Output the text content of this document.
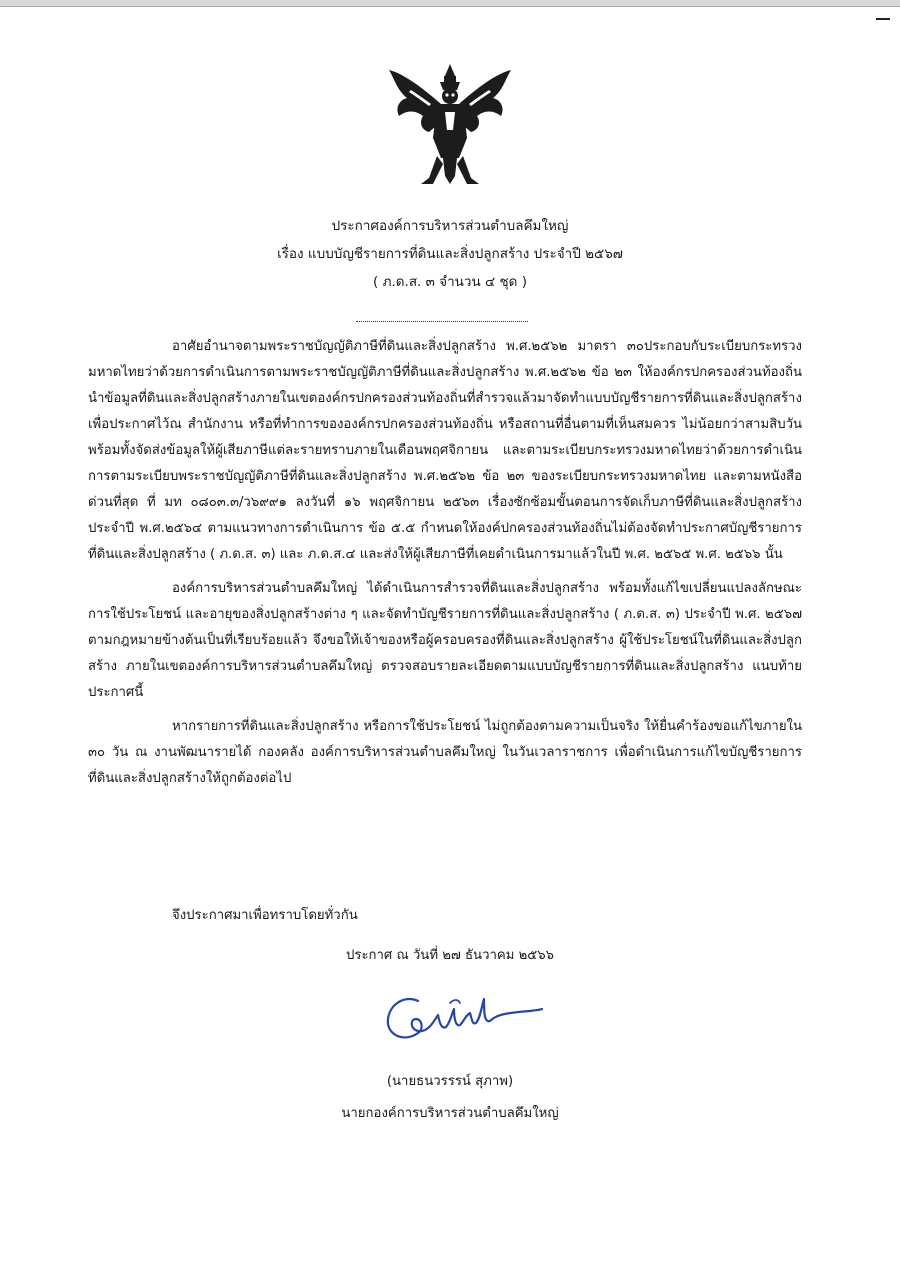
ประกาศองค์การบริหารส่วนตำบลคึมใหญ่
เรื่อง แบบบัญชีรายการที่ดินและสิ่งปลูกสร้าง ประจำปี ๒๕๖๗
( ภ.ด.ส. ๓ จำนวน ๔ ชุด )

อาศัยอำนาจตามพระราชบัญญัติภาษีที่ดินและสิ่งปลูกสร้าง พ.ศ.๒๕๖๒ มาตรา ๓๐ประกอบกับระเบียบกระทรวงมหาดไทยว่าด้วยการดำเนินการตามพระราชบัญญัติภาษีที่ดินและสิ่งปลูกสร้าง พ.ศ.๒๕๖๒ ข้อ ๒๓ ให้องค์กรปกครองส่วนท้องถิ่นนำข้อมูลที่ดินและสิ่งปลูกสร้างภายในเขตองค์กรปกครองส่วนท้องถิ่นที่สำรวจแล้วมาจัดทำแบบบัญชีรายการที่ดินและสิ่งปลูกสร้าง เพื่อประกาศไว้ณ สำนักงาน หรือที่ทำการขององค์กรปกครองส่วนท้องถิ่น หรือสถานที่อื่นตามที่เห็นสมควร ไม่น้อยกว่าสามสิบวัน พร้อมทั้งจัดส่งข้อมูลให้ผู้เสียภาษีแต่ละรายทราบภายในเดือนพฤศจิกายน และตามระเบียบกระทรวงมหาดไทยว่าด้วยการดำเนินการตามระเบียบพระราชบัญญัติภาษีที่ดินและสิ่งปลูกสร้าง พ.ศ.๒๕๖๒ ข้อ ๒๓ ของระเบียบกระทรวงมหาดไทย และตามหนังสือ ด่วนที่สุด ที่ มท ๐๘๐๓.๓/ว๖๙๙๑ ลงวันที่ ๑๖ พฤศจิกายน ๒๕๖๓ เรื่องซักซ้อมขั้นตอนการจัดเก็บภาษีที่ดินและสิ่งปลูกสร้างประจำปี พ.ศ.๒๕๖๔ ตามแนวทางการดำเนินการ ข้อ ๕.๕ กำหนดให้องค์ปกครองส่วนท้องถิ่นไม่ต้องจัดทำประกาศบัญชีรายการที่ดินและสิ่งปลูกสร้าง ( ภ.ด.ส. ๓) และ ภ.ด.ส.๔ และส่งให้ผู้เสียภาษีที่เคยดำเนินการมาแล้วในปี พ.ศ. ๒๕๖๕ พ.ศ. ๒๕๖๖ นั้น

องค์การบริหารส่วนตำบลคึมใหญ่ ได้ดำเนินการสำรวจที่ดินและสิ่งปลูกสร้าง พร้อมทั้งแก้ไขเปลี่ยนแปลงลักษณะการใช้ประโยชน์ และอายุของสิ่งปลูกสร้างต่าง ๆ และจัดทำบัญชีรายการที่ดินและสิ่งปลูกสร้าง ( ภ.ด.ส. ๓) ประจำปี พ.ศ. ๒๕๖๗ ตามกฎหมายข้างต้นเป็นที่เรียบร้อยแล้ว จึงขอให้เจ้าของหรือผู้ครอบครองที่ดินและสิ่งปลูกสร้าง ผู้ใช้ประโยชน์ในที่ดินและสิ่งปลูกสร้าง ภายในเขตองค์การบริหารส่วนตำบลคึมใหญ่ ตรวจสอบรายละเอียดตามแบบบัญชีรายการที่ดินและสิ่งปลูกสร้าง แนบท้ายประกาศนี้

หากรายการที่ดินและสิ่งปลูกสร้าง หรือการใช้ประโยชน์ ไม่ถูกต้องตามความเป็นจริง ให้ยื่นคำร้องขอแก้ไขภายใน ๓๐ วัน ณ งานพัฒนารายได้ กองคลัง องค์การบริหารส่วนตำบลคึมใหญ่ ในวันเวลาราชการ เพื่อดำเนินการแก้ไขบัญชีรายการที่ดินและสิ่งปลูกสร้างให้ถูกต้องต่อไป

จึงประกาศมาเพื่อทราบโดยทั่วกัน
ประกาศ ณ วันที่ ๒๗ ธันวาคม ๒๕๖๖
(นายธนวรรรน์ สุภาพ)
นายกองค์การบริหารส่วนตำบลคึมใหญ่
